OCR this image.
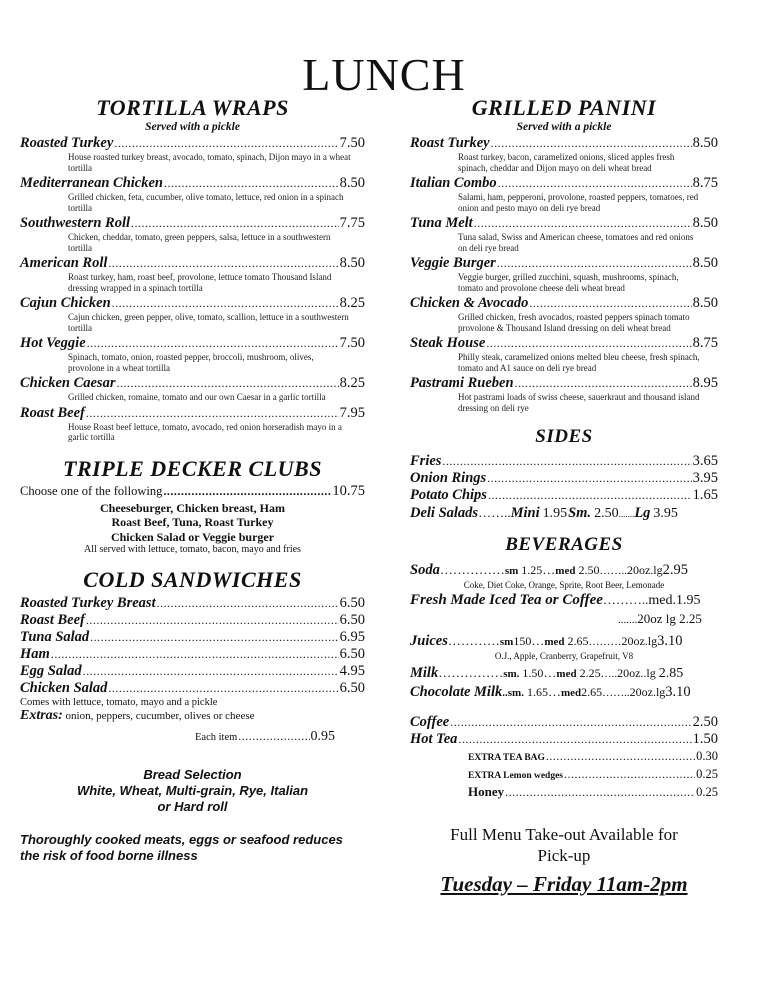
LUNCH
TORTILLA WRAPS
Served with a pickle
Roasted Turkey .....	7.50
House roasted turkey breast, avocado, tomato, spinach, Dijon mayo in a wheat tortilla
Mediterranean Chicken .....	8.50
Grilled chicken, feta, cucumber, olive tomato, lettuce, red onion in a spinach tortilla
Southwestern Roll .....	7.75
Chicken, cheddar, tomato, green peppers, salsa, lettuce in a southwestern tortilla
American Roll .....	8.50
Roast turkey, ham, roast beef, provolone, lettuce tomato Thousand Island dressing wrapped in a spinach tortilla
Cajun Chicken .....	8.25
Cajun chicken, green pepper, olive, tomato, scallion, lettuce in a southwestern tortilla
Hot Veggie .....	7.50
Spinach, tomato, onion, roasted pepper, broccoli, mushroom, olives, provolone in a wheat tortilla
Chicken Caesar .....	8.25
Grilled chicken, romaine, tomato and our own Caesar in a garlic tortilla
Roast Beef .....	7.95
House Roast beef lettuce, tomato, avocado, red onion horseradish mayo in a garlic tortilla
TRIPLE DECKER CLUBS
Choose one of the following .....	10.75
Cheeseburger, Chicken breast, Ham
Roast Beef, Tuna, Roast Turkey
Chicken Salad or Veggie burger
All served with lettuce, tomato, bacon, mayo and fries
COLD SANDWICHES
Roasted Turkey Breast .....	6.50
Roast Beef .....	6.50
Tuna Salad .....	6.95
Ham .....	6.50
Egg Salad .....	4.95
Chicken Salad .....	6.50
Comes with lettuce, tomato, mayo and a pickle
Extras: onion, peppers, cucumber, olives or cheese
Each item .....	0.95
Bread Selection
White, Wheat, Multi-grain, Rye, Italian
or Hard roll
Thoroughly cooked meats, eggs or seafood reduces
the risk of food borne illness
GRILLED PANINI
Served with a pickle
Roast Turkey .....	8.50
Roast turkey, bacon, caramelized onions, sliced apples fresh spinach, cheddar and Dijon mayo on deli wheat bread
Italian Combo .....	8.75
Salami, ham, pepperoni, provolone, roasted peppers, tomatoes, red onion and pesto mayo on deli rye bread
Tuna Melt .....	8.50
Tuna salad, Swiss and American cheese, tomatoes and red onions on deli rye bread
Veggie Burger .....	8.50
Veggie burger, grilled zucchini, squash, mushrooms, spinach, tomato and provolone cheese deli wheat bread
Chicken & Avocado .....	8.50
Grilled chicken, fresh avocados, roasted peppers spinach tomato provolone & Thousand Island dressing on deli wheat bread
Steak House .....	8.75
Philly steak, caramelized onions melted bleu cheese, fresh spinach, tomato and A1 sauce on deli rye bread
Pastrami Rueben .....	8.95
Hot pastrami loads of swiss cheese, sauerkraut and thousand island dressing on deli rye
SIDES
Fries .....	3.65
Onion Rings .....	3.95
Potato Chips .....	1.65
Deli Salads …….. Mini 1.95 Sm. 2.50 ....... Lg 3.95
BEVERAGES
Soda …………… sm 1.25 … med 2.50 …….. 20oz.lg 2.95
Coke, Diet Coke, Orange, Sprite, Root Beer, Lemonade
Fresh Made Iced Tea or Coffee ……….. med.1.95
....... 20oz lg 2.25
Juices ………… sm 150 … med 2.65 ……… 20oz.lg 3.10
O.J., Apple, Cranberry, Grapefruit, V8
Milk …………… sm. 1.50 … med 2.25 ….. 20oz..lg 2.85
Chocolate Milk ..sm. 1.65 … med 2.65 …….. 20oz.lg 3.10
Coffee .....	2.50
Hot Tea .....	1.50
EXTRA TEA BAG .....	0.30
EXTRA Lemon wedges .....	0.25
Honey .....	0.25
Full Menu Take-out Available for
Pick-up
Tuesday – Friday 11am-2pm
